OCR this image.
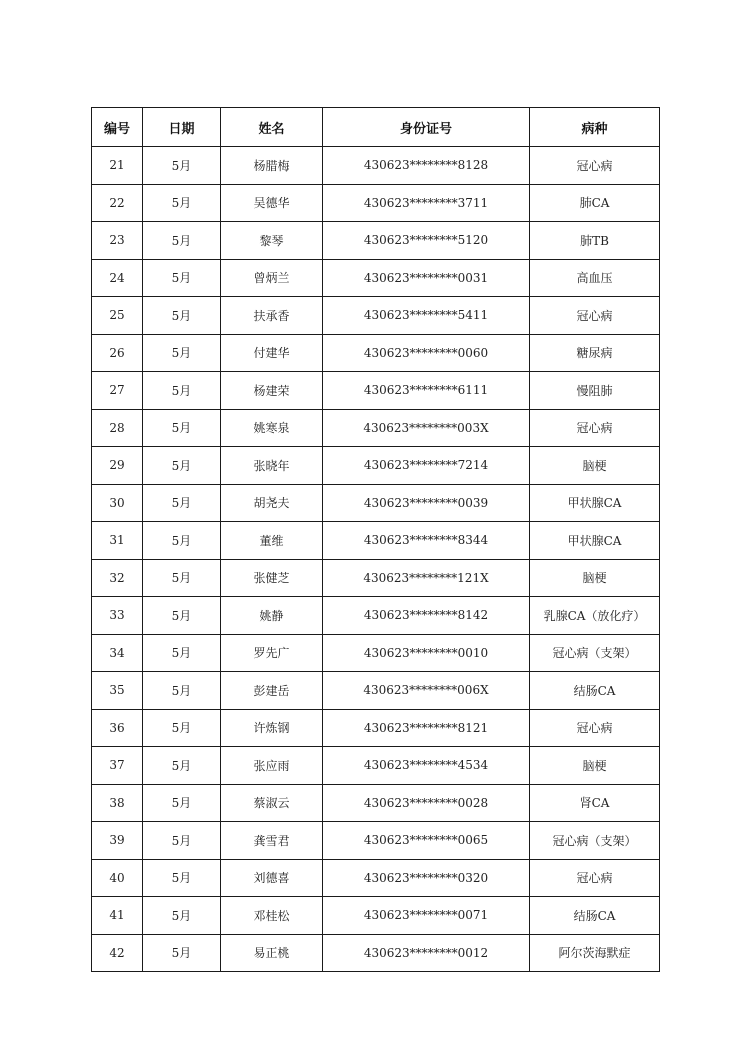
编号	日期	姓名	身份证号	病种
21	5月	杨腊梅	430623********8128	冠心病
22	5月	吴德华	430623********3711	肺CA
23	5月	黎琴	430623********5120	肺TB
24	5月	曾炳兰	430623********0031	高血压
25	5月	扶承香	430623********5411	冠心病
26	5月	付建华	430623********0060	糖尿病
27	5月	杨建荣	430623********6111	慢阻肺
28	5月	姚寒泉	430623********003X	冠心病
29	5月	张晓年	430623********7214	脑梗
30	5月	胡尧夫	430623********0039	甲状腺CA
31	5月	董维	430623********8344	甲状腺CA
32	5月	张健芝	430623********121X	脑梗
33	5月	姚静	430623********8142	乳腺CA（放化疗）
34	5月	罗先广	430623********0010	冠心病（支架）
35	5月	彭建岳	430623********006X	结肠CA
36	5月	许炼钢	430623********8121	冠心病
37	5月	张应雨	430623********4534	脑梗
38	5月	蔡淑云	430623********0028	肾CA
39	5月	龚雪君	430623********0065	冠心病（支架）
40	5月	刘德喜	430623********0320	冠心病
41	5月	邓桂松	430623********0071	结肠CA
42	5月	易正桃	430623********0012	阿尔茨海默症
